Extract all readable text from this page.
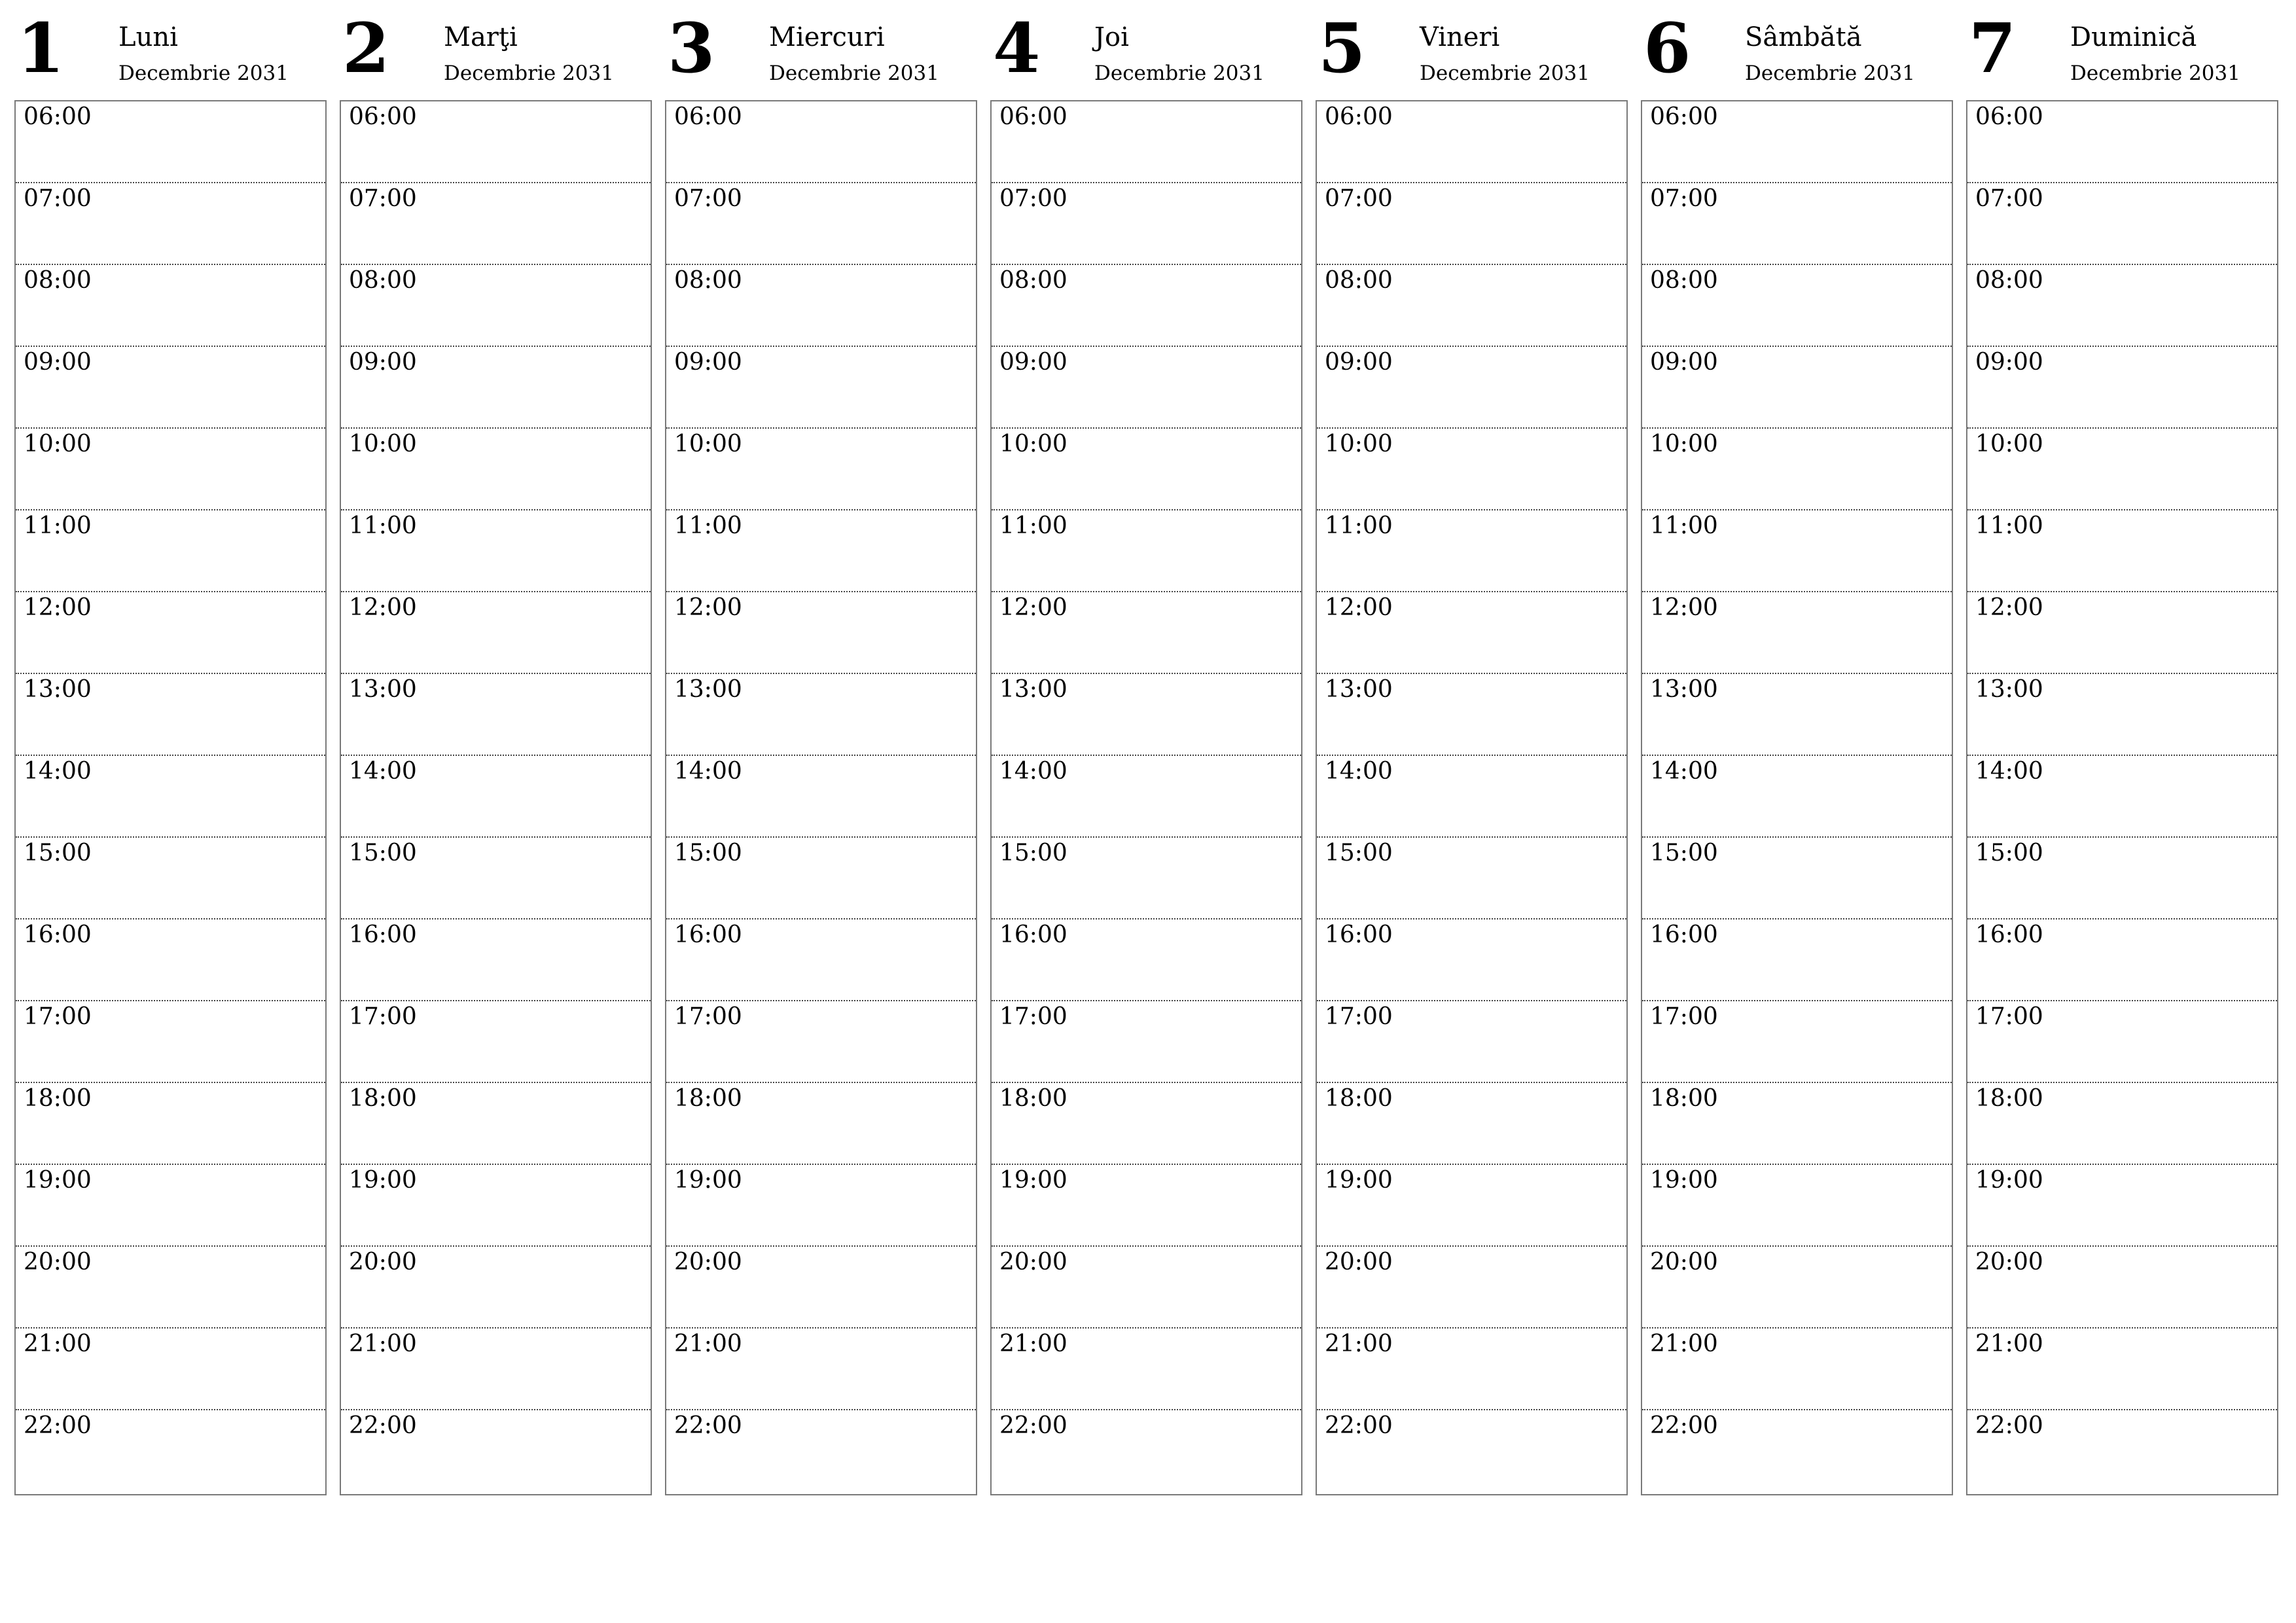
1 Luni
Decembrie 2031
06:00
07:00
08:00
09:00
10:00
11:00
12:00
13:00
14:00
15:00
16:00
17:00
18:00
19:00
20:00
21:00
22:00
2 Marţi
Decembrie 2031
06:00
07:00
08:00
09:00
10:00
11:00
12:00
13:00
14:00
15:00
16:00
17:00
18:00
19:00
20:00
21:00
22:00
3 Miercuri
Decembrie 2031
06:00
07:00
08:00
09:00
10:00
11:00
12:00
13:00
14:00
15:00
16:00
17:00
18:00
19:00
20:00
21:00
22:00
4 Joi
Decembrie 2031
06:00
07:00
08:00
09:00
10:00
11:00
12:00
13:00
14:00
15:00
16:00
17:00
18:00
19:00
20:00
21:00
22:00
5 Vineri
Decembrie 2031
06:00
07:00
08:00
09:00
10:00
11:00
12:00
13:00
14:00
15:00
16:00
17:00
18:00
19:00
20:00
21:00
22:00
6 Sâmbătă
Decembrie 2031
06:00
07:00
08:00
09:00
10:00
11:00
12:00
13:00
14:00
15:00
16:00
17:00
18:00
19:00
20:00
21:00
22:00
7 Duminică
Decembrie 2031
06:00
07:00
08:00
09:00
10:00
11:00
12:00
13:00
14:00
15:00
16:00
17:00
18:00
19:00
20:00
21:00
22:00
